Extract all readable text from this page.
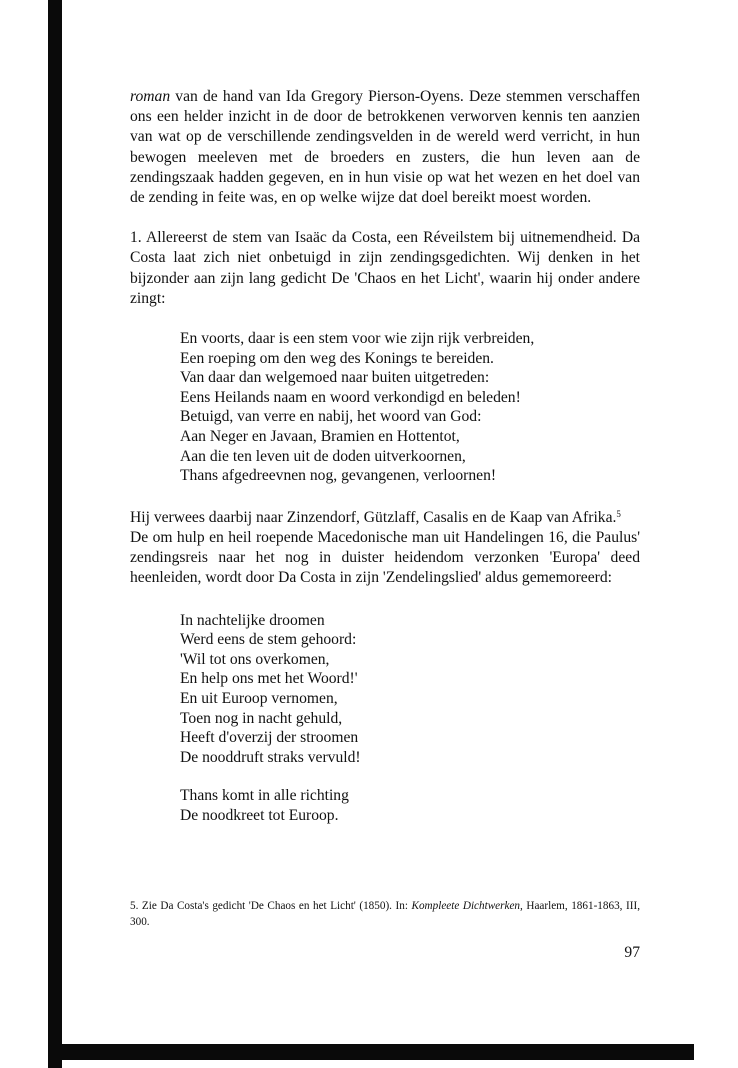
roman van de hand van Ida Gregory Pierson-Oyens. Deze stemmen verschaffen ons een helder inzicht in de door de betrokkenen verworven kennis ten aanzien van wat op de verschillende zendingsvelden in de wereld werd verricht, in hun bewogen meeleven met de broeders en zusters, die hun leven aan de zendingszaak hadden gegeven, en in hun visie op wat het wezen en het doel van de zending in feite was, en op welke wijze dat doel bereikt moest worden.

1. Allereerst de stem van Isaäc da Costa, een Réveilstem bij uitnemendheid. Da Costa laat zich niet onbetuigd in zijn zendingsgedichten. Wij denken in het bijzonder aan zijn lang gedicht De 'Chaos en het Licht', waarin hij onder andere zingt:

En voorts, daar is een stem voor wie zijn rijk verbreiden,
Een roeping om den weg des Konings te bereiden.
Van daar dan welgemoed naar buiten uitgetreden:
Eens Heilands naam en woord verkondigd en beleden!
Betuigd, van verre en nabij, het woord van God:
Aan Neger en Javaan, Bramien en Hottentot,
Aan die ten leven uit de doden uitverkoornen,
Thans afgedreevnen nog, gevangenen, verloornen!

Hij verwees daarbij naar Zinzendorf, Gützlaff, Casalis en de Kaap van Afrika.$^5$

De om hulp en heil roepende Macedonische man uit Handelingen 16, die Paulus' zendingsreis naar het nog in duister heidendom verzonken 'Europa' deed heenleiden, wordt door Da Costa in zijn 'Zendelingslied' aldus gememoreerd:

In nachtelijke droomen
Werd eens de stem gehoord:
'Wil tot ons overkomen,
En help ons met het Woord!'
En uit Euroop vernomen,
Toen nog in nacht gehuld,
Heeft d'overzij der stroomen
De nooddruft straks vervuld!
Thans komt in alle richting
De noodkreet tot Euroop.
5. Zie Da Costa's gedicht 'De Chaos en het Licht' (1850). In: Kompleete Dichtwerken, Haarlem, 1861-1863, III, 300.
97
